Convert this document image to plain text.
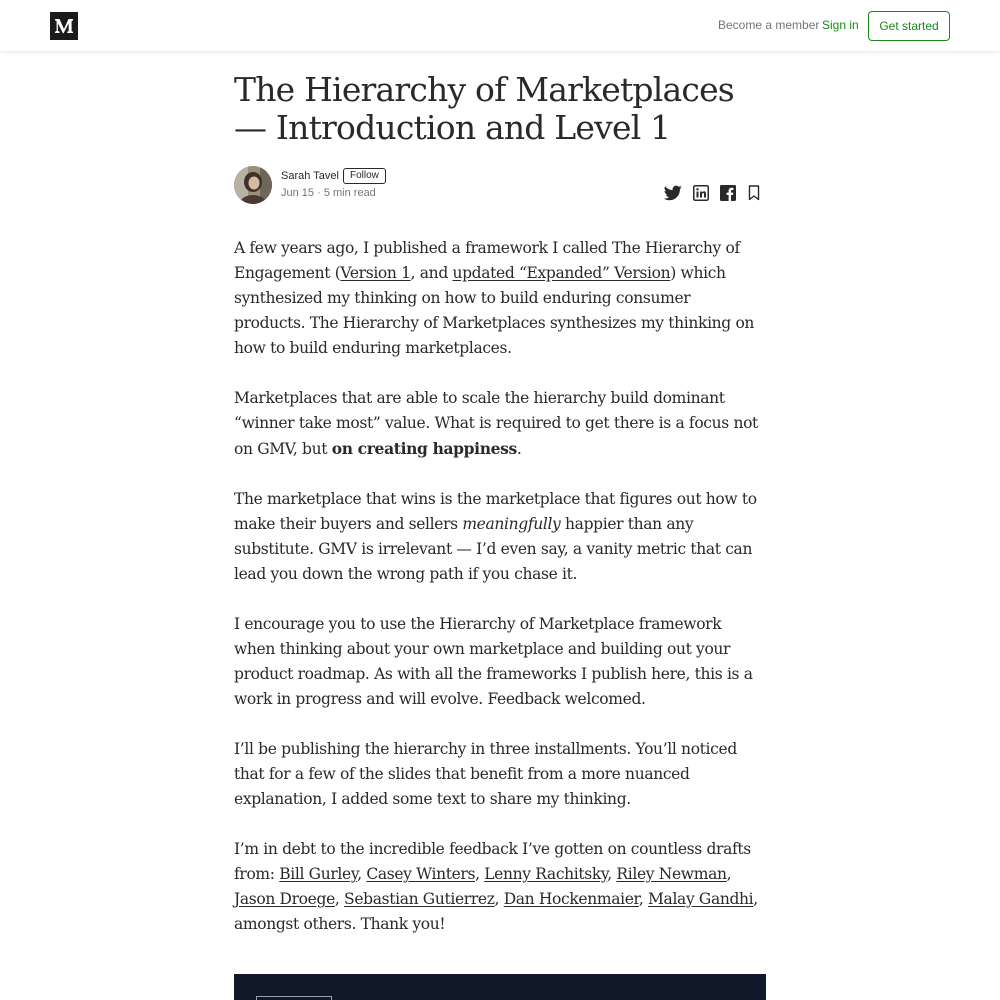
Become a member Sign in	Get started
The Hierarchy of Marketplaces — Introduction and Level 1
Sarah Tavel	Follow
Jun 15 · 5 min read

A few years ago, I published a framework I called The Hierarchy of Engagement (Version 1, and updated “Expanded” Version) which synthesized my thinking on how to build enduring consumer products. The Hierarchy of Marketplaces synthesizes my thinking on how to build enduring marketplaces.

Marketplaces that are able to scale the hierarchy build dominant “winner take most” value. What is required to get there is a focus not on GMV, but on creating happiness.

The marketplace that wins is the marketplace that figures out how to make their buyers and sellers meaningfully happier than any substitute. GMV is irrelevant — I’d even say, a vanity metric that can lead you down the wrong path if you chase it.

I encourage you to use the Hierarchy of Marketplace framework when thinking about your own marketplace and building out your product roadmap. As with all the frameworks I publish here, this is a work in progress and will evolve. Feedback welcomed.

I’ll be publishing the hierarchy in three installments. You’ll noticed that for a few of the slides that benefit from a more nuanced explanation, I added some text to share my thinking.

I’m in debt to the incredible feedback I’ve gotten on countless drafts from: Bill Gurley, Casey Winters, Lenny Rachitsky, Riley Newman, Jason Droege, Sebastian Gutierrez, Dan Hockenmaier, Malay Gandhi, amongst others. Thank you!
